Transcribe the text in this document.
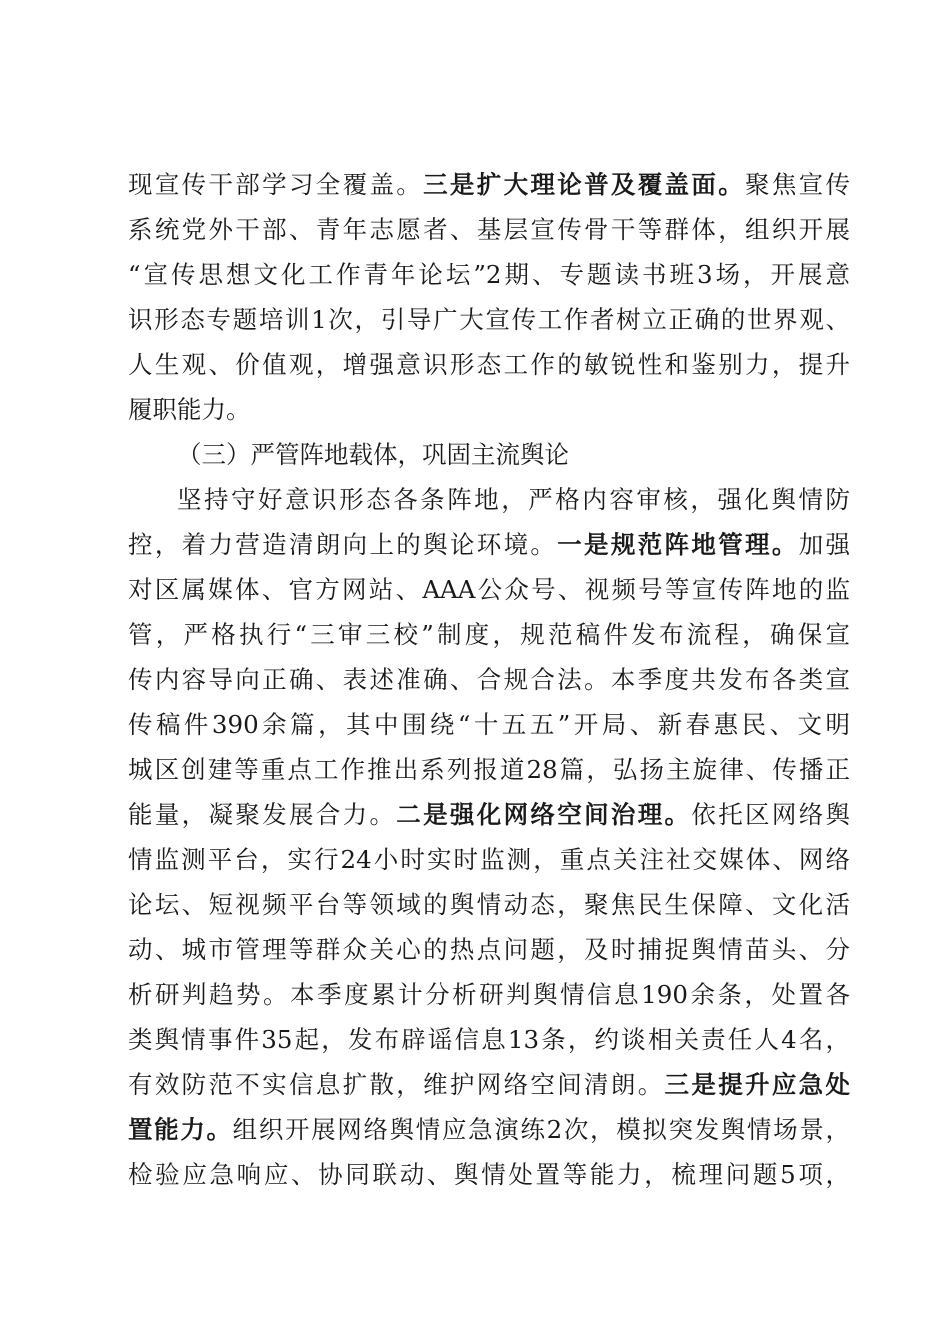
现宣传干部学习全覆盖。三是扩大理论普及覆盖面。聚焦宣传
系统党外干部、青年志愿者、基层宣传骨干等群体，组织开展
“宣传思想文化工作青年论坛”2期、专题读书班3场，开展意
识形态专题培训1次，引导广大宣传工作者树立正确的世界观、
人生观、价值观，增强意识形态工作的敏锐性和鉴别力，提升
履职能力。
（三）严管阵地载体，巩固主流舆论
坚持守好意识形态各条阵地，严格内容审核，强化舆情防
控，着力营造清朗向上的舆论环境。一是规范阵地管理。加强
对区属媒体、官方网站、AAA公众号、视频号等宣传阵地的监
管，严格执行“三审三校”制度，规范稿件发布流程，确保宣
传内容导向正确、表述准确、合规合法。本季度共发布各类宣
传稿件390余篇，其中围绕“十五五”开局、新春惠民、文明
城区创建等重点工作推出系列报道28篇，弘扬主旋律、传播正
能量，凝聚发展合力。二是强化网络空间治理。依托区网络舆
情监测平台，实行24小时实时监测，重点关注社交媒体、网络
论坛、短视频平台等领域的舆情动态，聚焦民生保障、文化活
动、城市管理等群众关心的热点问题，及时捕捉舆情苗头、分
析研判趋势。本季度累计分析研判舆情信息190余条，处置各
类舆情事件35起，发布辟谣信息13条，约谈相关责任人4名，
有效防范不实信息扩散，维护网络空间清朗。三是提升应急处
置能力。组织开展网络舆情应急演练2次，模拟突发舆情场景，
检验应急响应、协同联动、舆情处置等能力，梳理问题5项，
